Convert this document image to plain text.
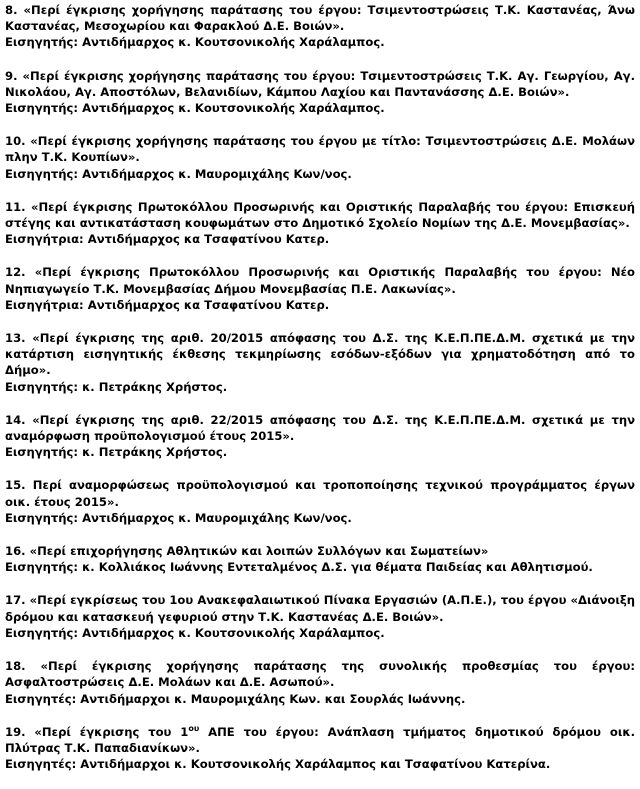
8. «Περί έγκρισης χορήγησης παράτασης του έργου: Τσιμεντοστρώσεις Τ.Κ. Καστανέας, Άνω Καστανέας, Μεσοχωρίου και Φαρακλού Δ.Ε. Βοιών».

Εισηγητής: Αντιδήμαρχος κ. Κουτσονικολής Χαράλαμπος.

9. «Περί έγκρισης χορήγησης παράτασης του έργου: Τσιμεντοστρώσεις Τ.Κ. Αγ. Γεωργίου, Αγ. Νικολάου, Αγ. Αποστόλων, Βελανιδίων, Κάμπου Λαχίου και Παντανάσσης Δ.Ε. Βοιών».

Εισηγητής: Αντιδήμαρχος κ. Κουτσονικολής Χαράλαμπος.

10. «Περί έγκρισης χορήγησης παράτασης του έργου με τίτλο: Τσιμεντοστρώσεις Δ.Ε. Μολάων πλην Τ.Κ. Κουπίων».

Εισηγητής: Αντιδήμαρχος κ. Μαυρομιχάλης Κων/νος.

11. «Περί έγκρισης Πρωτοκόλλου Προσωρινής και Οριστικής Παραλαβής του έργου: Επισκευή στέγης και αντικατάσταση κουφωμάτων στο Δημοτικό Σχολείο Νομίων της Δ.Ε. Μονεμβασίας».

Εισηγήτρια: Αντιδήμαρχος κα Τσαφατίνου Κατερ.

12. «Περί έγκρισης Πρωτοκόλλου Προσωρινής και Οριστικής Παραλαβής του έργου: Νέο Νηπιαγωγείο Τ.Κ. Μονεμβασίας Δήμου Μονεμβασίας Π.Ε. Λακωνίας».

Εισηγήτρια: Αντιδήμαρχος κα Τσαφατίνου Κατερ.

13. «Περί έγκρισης της αριθ. 20/2015 απόφασης του Δ.Σ. της Κ.Ε.Π.ΠΕ.Δ.Μ. σχετικά με την κατάρτιση εισηγητικής έκθεσης τεκμηρίωσης εσόδων-εξόδων για χρηματοδότηση από το Δήμο».

Εισηγητής: κ. Πετράκης Χρήστος.

14. «Περί έγκρισης της αριθ. 22/2015 απόφασης του Δ.Σ. της Κ.Ε.Π.ΠΕ.Δ.Μ. σχετικά με την αναμόρφωση προϋπολογισμού έτους 2015».

Εισηγητής: κ. Πετράκης Χρήστος.

15. Περί αναμορφώσεως προϋπολογισμού και τροποποίησης τεχνικού προγράμματος έργων οικ. έτους 2015».

Εισηγητής: Αντιδήμαρχος κ. Μαυρομιχάλης Κων/νος.

16. «Περί επιχορήγησης Αθλητικών και λοιπών Συλλόγων και Σωματείων»

Εισηγητής: κ. Κολλιάκος Ιωάννης Εντεταλμένος Δ.Σ. για θέματα Παιδείας και Αθλητισμού.

17. «Περί εγκρίσεως του 1ου Ανακεφαλαιωτικού Πίνακα Εργασιών (Α.Π.Ε.), του έργου «Διάνοιξη δρόμου και κατασκευή γεφυριού στην Τ.Κ. Καστανέας Δ.Ε. Βοιών».

Εισηγητής: Αντιδήμαρχος κ. Κουτσονικολής Χαράλαμπος.

18. «Περί έγκρισης χορήγησης παράτασης της συνολικής προθεσμίας του έργου: Ασφαλτοστρώσεις Δ.Ε. Μολάων και Δ.Ε. Ασωπού».

Εισηγητές: Αντιδήμαρχοι κ. Μαυρομιχάλης Κων. και Σουρλάς Ιωάννης.

19. «Περί έγκρισης του $1^{o\upsilon}$ ΑΠΕ του έργου: Ανάπλαση τμήματος δημοτικού δρόμου οικ. Πλύτρας Τ.Κ. Παπαδιανίκων».

Εισηγητές: Αντιδήμαρχοι κ. Κουτσονικολής Χαράλαμπος και Τσαφατίνου Κατερίνα.
